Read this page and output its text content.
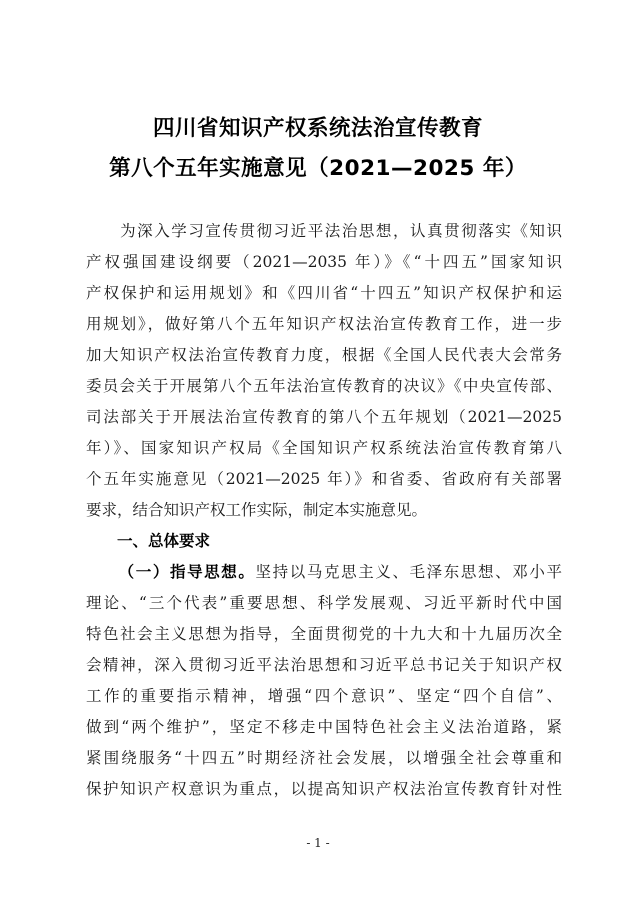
四川省知识产权系统法治宣传教育
第八个五年实施意见（2021—2025 年）
　　为深入学习宣传贯彻习近平法治思想，认真贯彻落实《知识
产权强国建设纲要（2021—2035 年）》《“十四五”国家知识
产权保护和运用规划》和《四川省“十四五”知识产权保护和运
用规划》，做好第八个五年知识产权法治宣传教育工作，进一步
加大知识产权法治宣传教育力度，根据《全国人民代表大会常务
委员会关于开展第八个五年法治宣传教育的决议》《中央宣传部、
司法部关于开展法治宣传教育的第八个五年规划（2021—2025
年）》、国家知识产权局《全国知识产权系统法治宣传教育第八
个五年实施意见（2021—2025 年）》和省委、省政府有关部署
要求，结合知识产权工作实际，制定本实施意见。
一、总体要求
（一）指导思想。坚持以马克思主义、毛泽东思想、邓小平
理论、“三个代表”重要思想、科学发展观、习近平新时代中国
特色社会主义思想为指导，全面贯彻党的十九大和十九届历次全
会精神，深入贯彻习近平法治思想和习近平总书记关于知识产权
工作的重要指示精神，增强“四个意识”、坚定“四个自信”、
做到“两个维护”，坚定不移走中国特色社会主义法治道路，紧
紧围绕服务“十四五”时期经济社会发展，以增强全社会尊重和
保护知识产权意识为重点，以提高知识产权法治宣传教育针对性
- 1 -
